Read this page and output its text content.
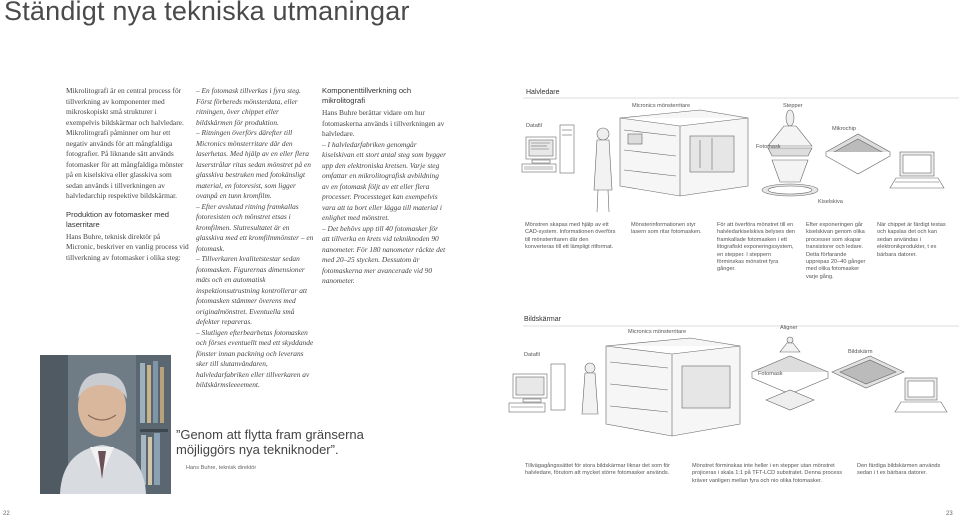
Ständigt nya tekniska utmaningar

Mikrolitografi är en central process för tillverkning av komponenter med mikroskopiskt små strukturer i exempelvis bildskärmar och halvledare. Mikrolitografi påminner om hur ett negativ används för att mångfaldiga fotografier. På liknande sätt används fotomasker för att mångfaldiga mönster på en kiselskiva eller glasskiva som sedan används i tillverkningen av halvledarchip respektive bildskärmar.

Produktion av fotomasker med laserritare

Hans Buhre, teknisk direktör på Micronic, beskriver en vanlig process vid tillverkning av fotomasker i olika steg:

– En fotomask tillverkas i fyra steg. Först förbereds mönsterdata, eller ritningen, över chippet eller bildskärmen för produktion.

– Ritningen överförs därefter till Micronics mönsterritare där den laserhetas. Med hjälp av en eller flera laserstrålar ritas sedan mönstret på en glasskiva bestruken med fotokänsligt material, en fotoresist, som ligger ovanpå en tunn kromfilm.

– Efter avslutad ritning framkallas fotoresisten och mönstret etsas i kromfilmen. Slutresultatet är en glasskiva med ett kromfilmmönster – en fotomask.

– Tillverkaren kvalitetstestar sedan fotomasken. Figurernas dimensioner mäts och en automatisk inspektionsutrustning kontrollerar att fotomasken stämmer överens med originalmönstret. Eventuella små defekter repareras.

– Slutligen efterbearbetas fotomasken och förses eventuellt med ett skyddande fönster innan packning och leverans sker till slutanvändaren, halvledarfabriken eller tillverkaren av bildskärmsleeeement.

Komponenttillverkning och mikrolitografi

Hans Buhre berättar vidare om hur fotomaskerna används i tillverkningen av halvledare.

– I halvledarfabriken genomgår kiselskivan ett stort antal steg som bygger upp den elektroniska kretsen. Varje steg omfattar en mikrolitografisk avbildning av en fotomask följt av ett eller flera processer. Processteget kan exempelvis vara att ta bort eller lägga till material i enlighet med mönstret.

– Det behövs upp till 40 fotomasker för att tillverka en krets vid tekniknoden 90 nanometer. För 180 nanometer räckte det med 20–25 stycken. Dessutom är fotomaskerna mer avancerade vid 90 nanometer.

”Genom att flytta fram gränserna möjliggörs nya tekniknoder”.
Hans Buhre, teknisk direktör
Halvledare
Datafil
Micronics mönsterritare	Stepper
Mikrochip
Fotomask
Kiselskiva
Mönstren skapas med hjälp av ett CAD-system. Informationen överförs till mönsterritaren där den konverteras till ett lämpligt ritformat.
Mönsterinformationen styr lasern som ritar fotomasken.
För att överföra mönstret till en halvledarkiselskiva belyses den framkallade fotomasken i ett litografiskt exponeringssystem, en stepper. I steppern förminskas mönstret fyra gånger.
Efter exponeringen går kiselskivan genom olika processer som skapar transistorer och ledare. Detta förfarande upprepas 20–40 gånger med olika fotomasker varje gång.
När chippet är färdigt testas och kapslas det och kan sedan användas i elektronikprodukter, t ex bärbara datorer.
Bildskärmar
Datafil
Micronics mönsterritare
Aligner
Bildskärm
Fotomask
Tillvägagångssättet för stora bildskärmar liknar det som för halvledare, förutom att mycket större fotomasker används.
Mönstret förminskas inte heller i en stepper utan mönstret projiceras i skala 1:1 på TFT-LCD substratet. Denna process kräver vanligen mellan fyra och nio olika fotomasker.
Den färdiga bildskärmen används sedan i t ex bärbara datorer.
22	23
